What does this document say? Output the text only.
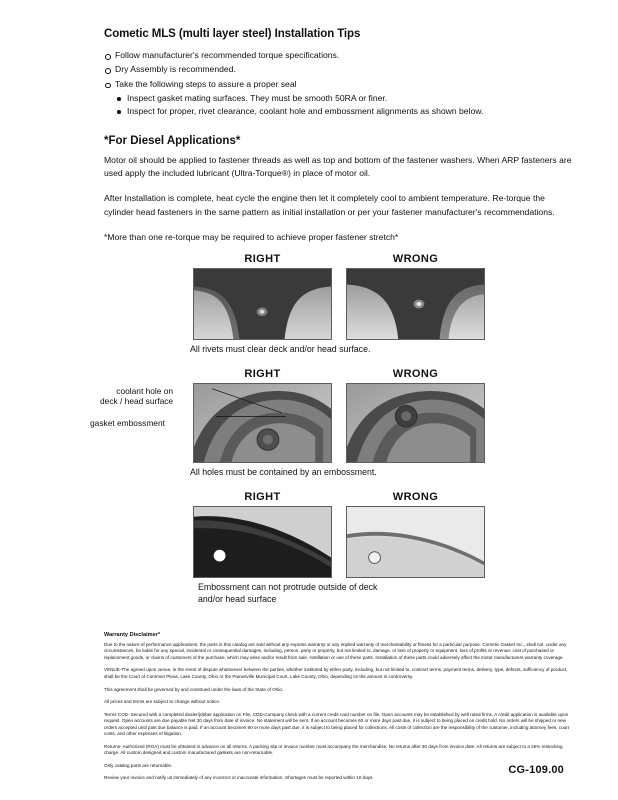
Cometic MLS (multi layer steel) Installation Tips
Follow manufacturer's recommended torque specifications.
Dry Assembly is recommended.
Take the following steps to assure a proper seal
Inspect gasket mating surfaces. They must be smooth 50RA or finer.
Inspect for proper, rivet clearance, coolant hole and embossment alignments as shown below.
*For Diesel Applications*

Motor oil should be applied to fastener threads as well as top and bottom of the fastener washers. When ARP fasteners are used apply the included lubricant (Ultra-Torque®) in place of motor oil.

After Installation is complete, heat cycle the engine then let it completely cool to ambient temperature. Re-torque the cylinder head fasteners in the same pattern as initial installation or per your fastener manufacturer's recommendations.

*More than one re-torque may be required to achieve proper fastener stretch*

RIGHT	WRONG
All rivets must clear deck and/or head surface.
RIGHT	WRONG
coolant hole on
deck / head surface
gasket embossment
All holes must be contained by an embossment.
RIGHT	WRONG
Embossment can not protrude outside of deck
and/or head surface
Warranty Disclaimer*

Due to the nature of performance applications, the parts in this catalog are sold without any express warranty or any implied warranty of merchantability or fitness for a particular purpose. Cometic Gasket Inc., shall not, under any circumstances, be liable for any special, incidental or consequential damages, including, person, party or property, but not limited to, damage, or loss of property or equipment, loss of profits or revenue, cost of purchased or replacement goods, or claims of customers of the purchase, which may arise and/or result from sale, instillation or use of these parts. Installation of these parts could adversely affect the motor manufacturers warranty coverage.

VENUE-The agreed upon venue, in the event of dispute whatsoever between the parties, whether instituted by either party, including, but not limited to, contract terms, payment terms, delivery, type, defects, sufficiency of product, shall be the Court of Common Pleas, Lake County, Ohio or the Painesville Municipal Court, Lake County, Ohio, depending on the amount in controversy.

This agreement shall be governed by and construed under the laws of the State of Ohio.

All prices and terms are subject to change without notice.

Terms COD- Secured with a completed dealer/jobber application on File, COD-Company check with a current credit card number on file. Open accounts may be established by well rated firms. A credit application is available upon request. Open accounts are due payable Net 30 days from date of invoice. No statement will be sent. If an account becomes 60 or more days past due, it is subject to being placed on credit hold. No orders will be shipped or new orders accepted until past due balance is paid. If an account becomes 90 or more days past due, it is subject to being placed for collections. All costs of collection are the responsibility of the customer, including attorney fees, court costs, and other expenses of litigation.

Returns- Authorized (RGA) must be obtained in advance on all returns. A packing slip or invoice number must accompany the merchandise. No returns after 30 days from invoice date. All returns are subject to a 25% restocking charge. All custom designed and custom manufactured gaskets are non-returnable.

Only catalog parts are returnable.

Review your invoice and notify us immediately of any incorrect or inaccurate information. Shortages must be reported within 10 days.

CG-109.00
